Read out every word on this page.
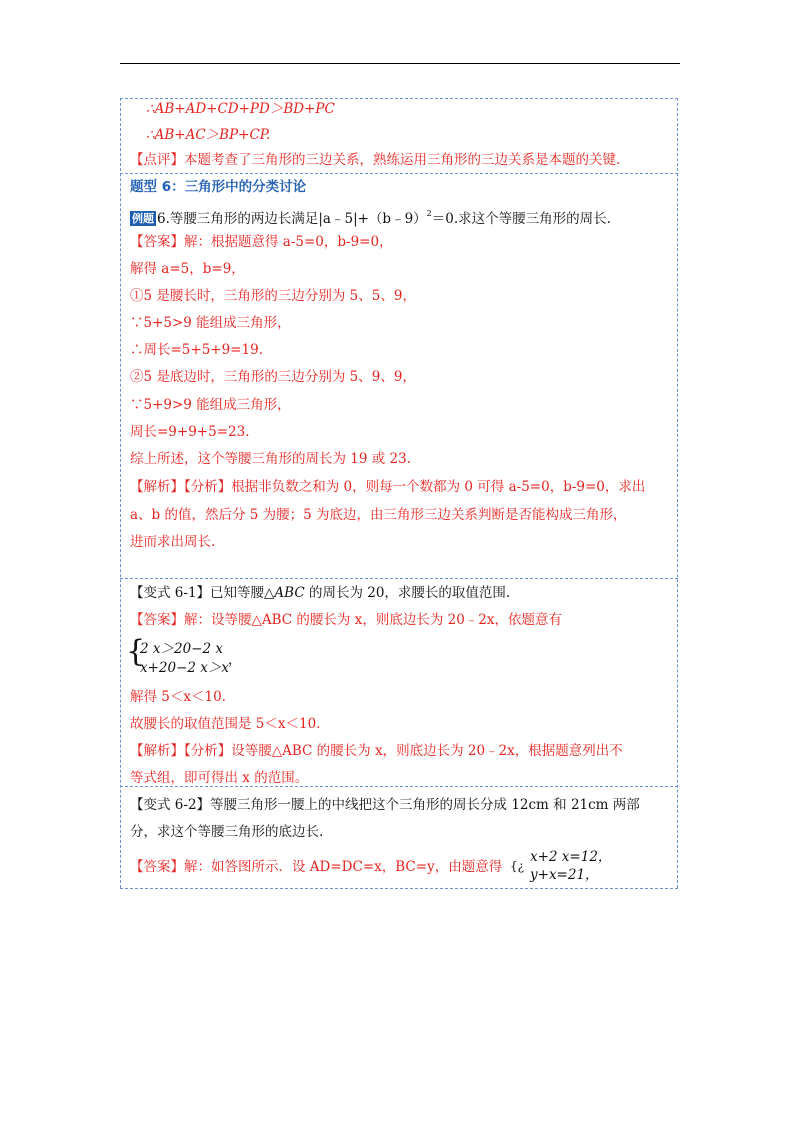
∴AB+AD+CD+PD＞BD+PC
∴AB+AC＞BP+CP.
【点评】本题考查了三角形的三边关系，熟练运用三角形的三边关系是本题的关键.
题型 6：三角形中的分类讨论
例题 6.等腰三角形的两边长满足|a﹣5|+（b﹣9）$^2$＝0.求这个等腰三角形的周长.
【答案】解：根据题意得 a-5=0，b-9=0，
解得 a=5，b=9，
①5 是腰长时，三角形的三边分别为 5、5、9，
∵5+5>9 能组成三角形，
∴周长=5+5+9=19.
②5 是底边时，三角形的三边分别为 5、9、9，
∵5+9>9 能组成三角形，
周长=9+9+5=23.
综上所述，这个等腰三角形的周长为 19 或 23.
【解析】【分析】根据非负数之和为 0，则每一个数都为 0 可得 a-5=0，b-9=0，求出
a、b 的值，然后分 5 为腰；5 为底边，由三角形三边关系判断是否能构成三角形，
进而求出周长.
【变式 6-1】已知等腰△ABC 的周长为 20，求腰长的取值范围.
【答案】解：设等腰△ABC 的腰长为 x，则底边长为 20﹣2x，依题意有
{
2 x＞20−2 x
x+20−2 x＞x
，
解得 5＜x＜10.
故腰长的取值范围是 5＜x＜10.
【解析】【分析】设等腰△ABC 的腰长为 x，则底边长为 20﹣2x，根据题意列出不
等式组，即可得出 x 的范围。
【变式 6-2】等腰三角形一腰上的中线把这个三角形的周长分成 12cm 和 21cm 两部
分，求这个等腰三角形的底边长.
【答案】解：如答图所示．设 AD=DC=x，BC=y，由题意得 {¿
x+2 x=12，
y+x=21，
